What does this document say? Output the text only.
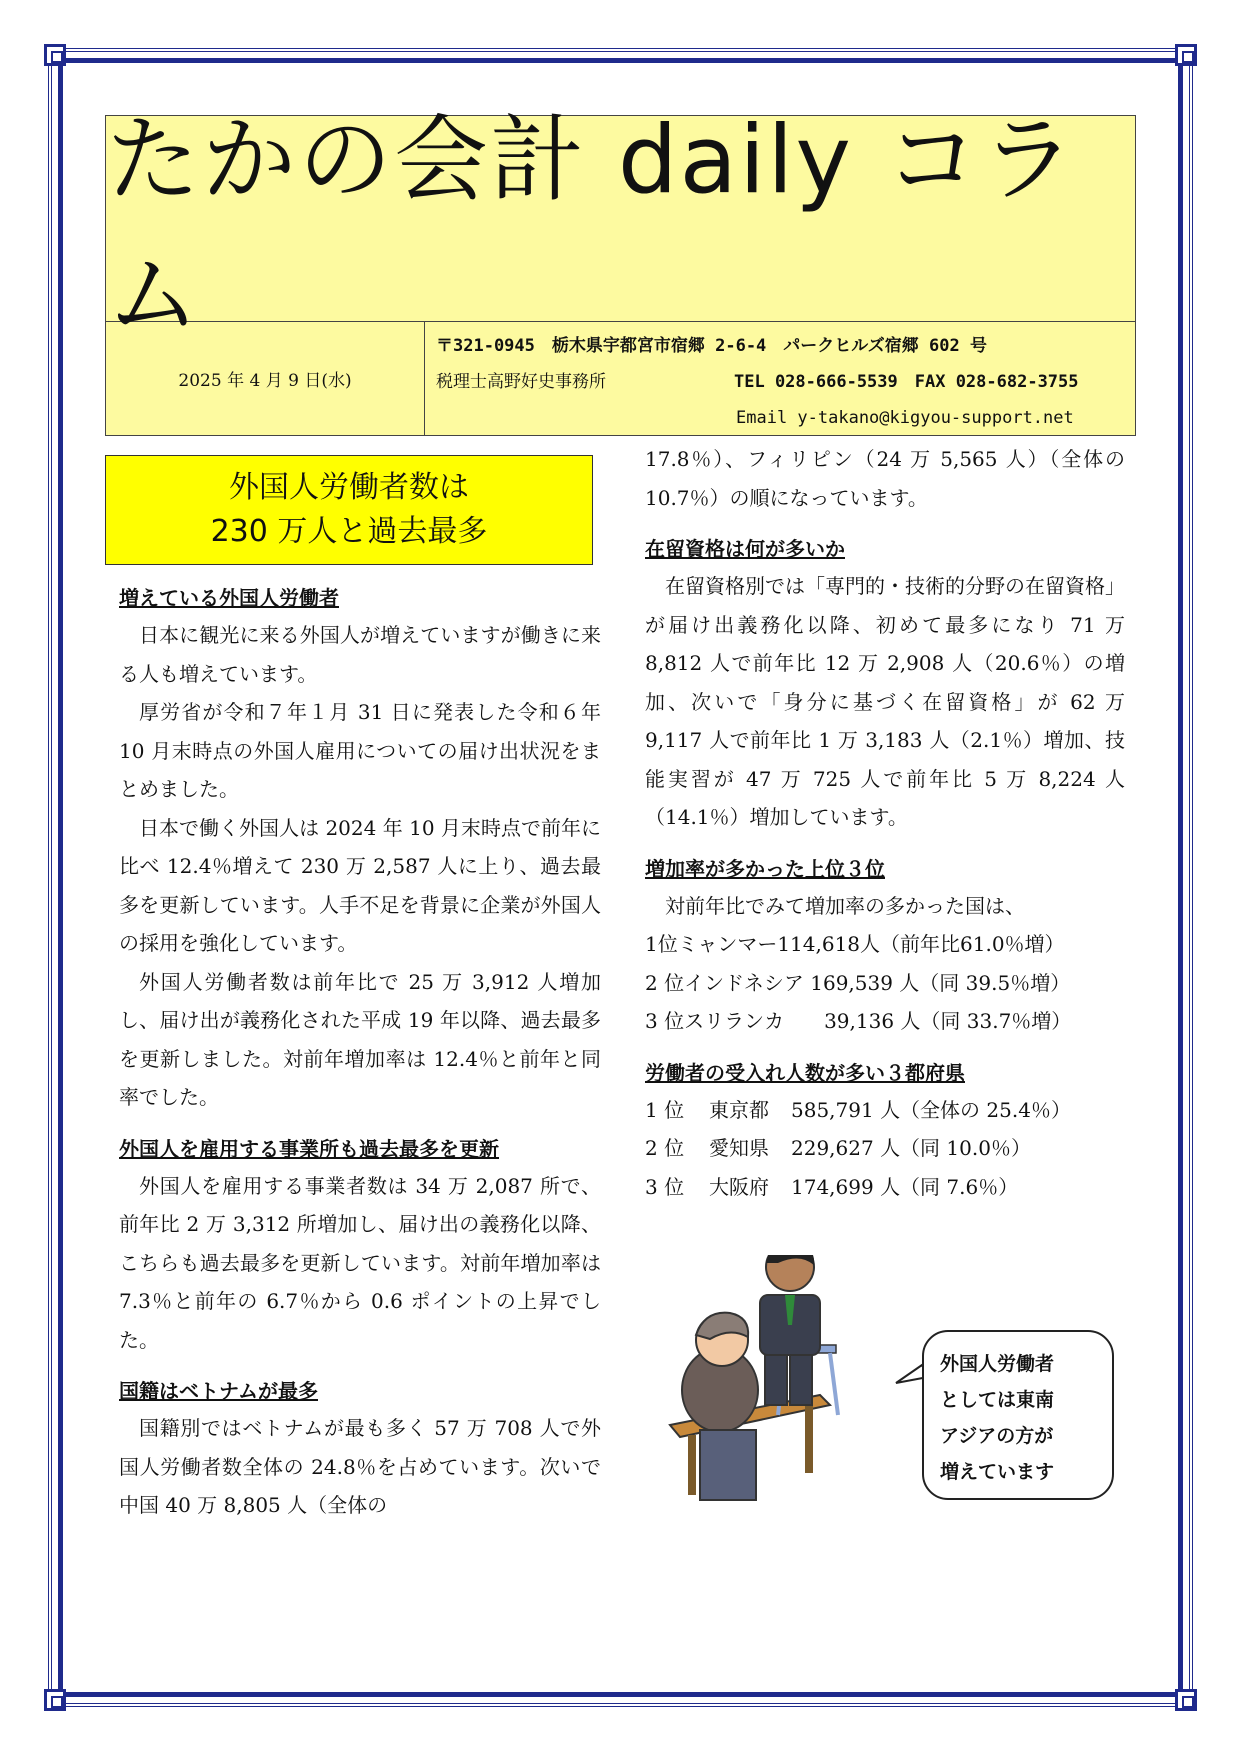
たかの会計 daily コラム
2025 年 4 月 9 日(水)
〒321-0945　栃木県宇都宮市宿郷 2-6-4　パークヒルズ宿郷 602 号
税理士高野好史事務所	TEL 028-666-5539　FAX 028-682-3755
Email y-takano@kigyou-support.net
外国人労働者数は
230 万人と過去最多
増えている外国人労働者

日本に観光に来る外国人が増えていますが働きに来る人も増えています。

厚労省が令和７年１月 31 日に発表した令和６年 10 月末時点の外国人雇用についての届け出状況をまとめました。

日本で働く外国人は 2024 年 10 月末時点で前年に比べ 12.4％増えて 230 万 2,587 人に上り、過去最多を更新しています。人手不足を背景に企業が外国人の採用を強化しています。

外国人労働者数は前年比で 25 万 3,912 人増加し、届け出が義務化された平成 19 年以降、過去最多を更新しました。対前年増加率は 12.4％と前年と同率でした。

外国人を雇用する事業所も過去最多を更新

外国人を雇用する事業者数は 34 万 2,087 所で、前年比 2 万 3,312 所増加し、届け出の義務化以降、こちらも過去最多を更新しています。対前年増加率は 7.3％と前年の 6.7％から 0.6 ポイントの上昇でした。

国籍はベトナムが最多

国籍別ではベトナムが最も多く 57 万 708 人で外国人労働者数全体の 24.8％を占めています。次いで中国 40 万 8,805 人（全体の

17.8％）、フィリピン（24 万 5,565 人）（全体の 10.7％）の順になっています。

在留資格は何が多いか

在留資格別では「専門的・技術的分野の在留資格」が届け出義務化以降、初めて最多になり 71 万 8,812 人で前年比 12 万 2,908 人（20.6％）の増加、次いで「身分に基づく在留資格」が 62 万 9,117 人で前年比 1 万 3,183 人（2.1％）増加、技能実習が 47 万 725 人で前年比 5 万 8,224 人（14.1％）増加しています。

増加率が多かった上位３位

対前年比でみて増加率の多かった国は、

1位ミャンマー114,618人（前年比61.0％増）
2 位インドネシア 169,539 人（同 39.5％増）
3 位スリランカ　　39,136 人（同 33.7％増）
労働者の受入れ人数が多い３都府県
1 位 東京都 585,791 人（全体の 25.4％）
2 位 愛知県 229,627 人（同 10.0％）
3 位 大阪府 174,699 人（同 7.6％）
外国人労働者
としては東南
アジアの方が
増えています
